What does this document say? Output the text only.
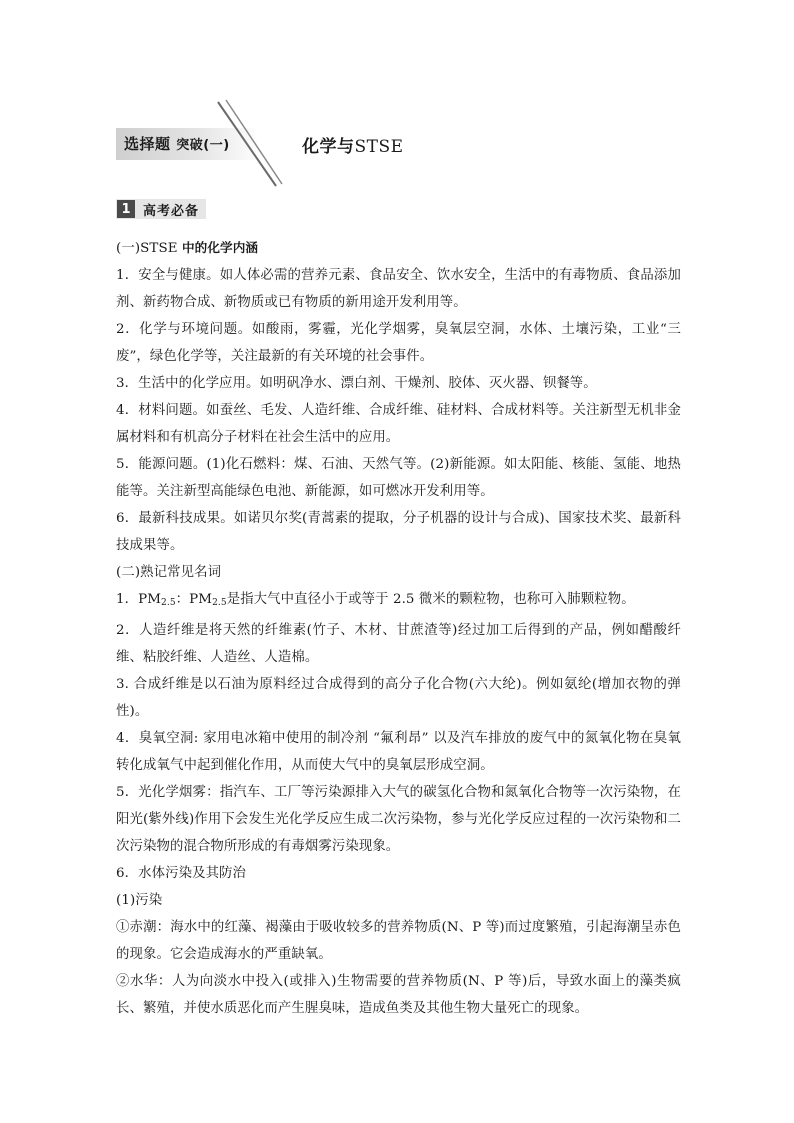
选择题 突破(一)	化学与STSE
1 高考必备

(一)STSE 中的化学内涵

1．安全与健康。如人体必需的营养元素、食品安全、饮水安全，生活中的有毒物质、食品添加剂、新药物合成、新物质或已有物质的新用途开发利用等。

2．化学与环境问题。如酸雨，雾霾，光化学烟雾，臭氧层空洞，水体、土壤污染，工业“三废”，绿色化学等，关注最新的有关环境的社会事件。

3．生活中的化学应用。如明矾净水、漂白剂、干燥剂、胶体、灭火器、钡餐等。

4．材料问题。如蚕丝、毛发、人造纤维、合成纤维、硅材料、合成材料等。关注新型无机非金属材料和有机高分子材料在社会生活中的应用。

5．能源问题。(1)化石燃料：煤、石油、天然气等。(2)新能源。如太阳能、核能、氢能、地热能等。关注新型高能绿色电池、新能源，如可燃冰开发利用等。

6．最新科技成果。如诺贝尔奖(青蒿素的提取，分子机器的设计与合成)、国家技术奖、最新科技成果等。

(二)熟记常见名词

1．$PM_{2.5}$：$PM_{2.5}$是指大气中直径小于或等于 2.5 微米的颗粒物，也称可入肺颗粒物。

2．人造纤维是将天然的纤维素(竹子、木材、甘蔗渣等)经过加工后得到的产品，例如醋酸纤维、粘胶纤维、人造丝、人造棉。

3. 合成纤维是以石油为原料经过合成得到的高分子化合物(六大纶)。例如氨纶(增加衣物的弹性)。

4．臭氧空洞: 家用电冰箱中使用的制冷剂 “氟利昂” 以及汽车排放的废气中的氮氧化物在臭氧转化成氧气中起到催化作用，从而使大气中的臭氧层形成空洞。

5．光化学烟雾：指汽车、工厂等污染源排入大气的碳氢化合物和氮氧化合物等一次污染物，在阳光(紫外线)作用下会发生光化学反应生成二次污染物，参与光化学反应过程的一次污染物和二次污染物的混合物所形成的有毒烟雾污染现象。

6．水体污染及其防治

(1)污染

①赤潮：海水中的红藻、褐藻由于吸收较多的营养物质(N、P 等)而过度繁殖，引起海潮呈赤色的现象。它会造成海水的严重缺氧。

②水华：人为向淡水中投入(或排入)生物需要的营养物质(N、P 等)后，导致水面上的藻类疯长、繁殖，并使水质恶化而产生腥臭味，造成鱼类及其他生物大量死亡的现象。
